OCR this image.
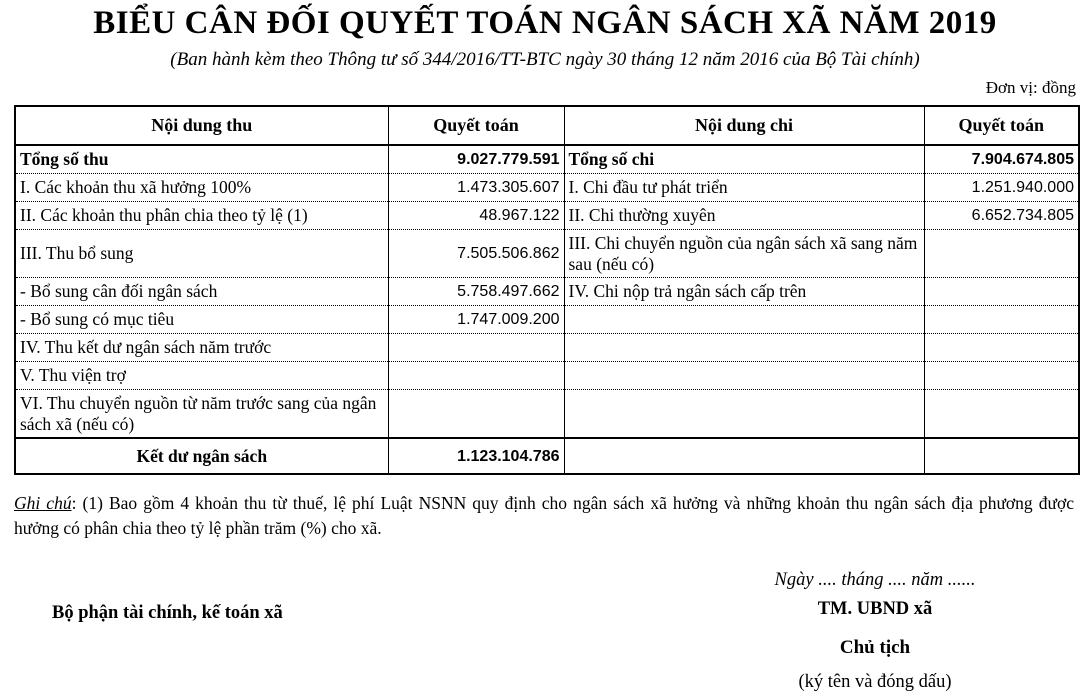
BIỂU CÂN ĐỐI QUYẾT TOÁN NGÂN SÁCH XÃ NĂM 2019
(Ban hành kèm theo Thông tư số 344/2016/TT-BTC ngày 30 tháng 12 năm 2016 của Bộ Tài chính)
Đơn vị: đồng
Nội dung thu	Quyết toán	Nội dung chi	Quyết toán
Tổng số thu	9.027.779.591	Tổng số chi	7.904.674.805
I. Các khoản thu xã hưởng 100%	1.473.305.607	I. Chi đầu tư phát triển	1.251.940.000
II. Các khoản thu phân chia theo tỷ lệ (1)	48.967.122	II. Chi thường xuyên	6.652.734.805
III. Thu bổ sung	7.505.506.862	III. Chi chuyển nguồn của ngân sách xã sang năm sau (nếu có)	
- Bổ sung cân đối ngân sách	5.758.497.662	IV. Chi nộp trả ngân sách cấp trên	
- Bổ sung có mục tiêu	1.747.009.200		
IV. Thu kết dư ngân sách năm trước			
V. Thu viện trợ			
VI. Thu chuyển nguồn từ năm trước sang của ngân sách xã (nếu có)			
Kết dư ngân sách	1.123.104.786		
Ghi chú: (1) Bao gồm 4 khoản thu từ thuế, lệ phí Luật NSNN quy định cho ngân sách xã hưởng và những khoản thu ngân sách địa phương được hưởng có phân chia theo tỷ lệ phần trăm (%) cho xã.
Bộ phận tài chính, kế toán xã
Ngày .... tháng .... năm ......
TM. UBND xã
Chủ tịch
(ký tên và đóng dấu)
